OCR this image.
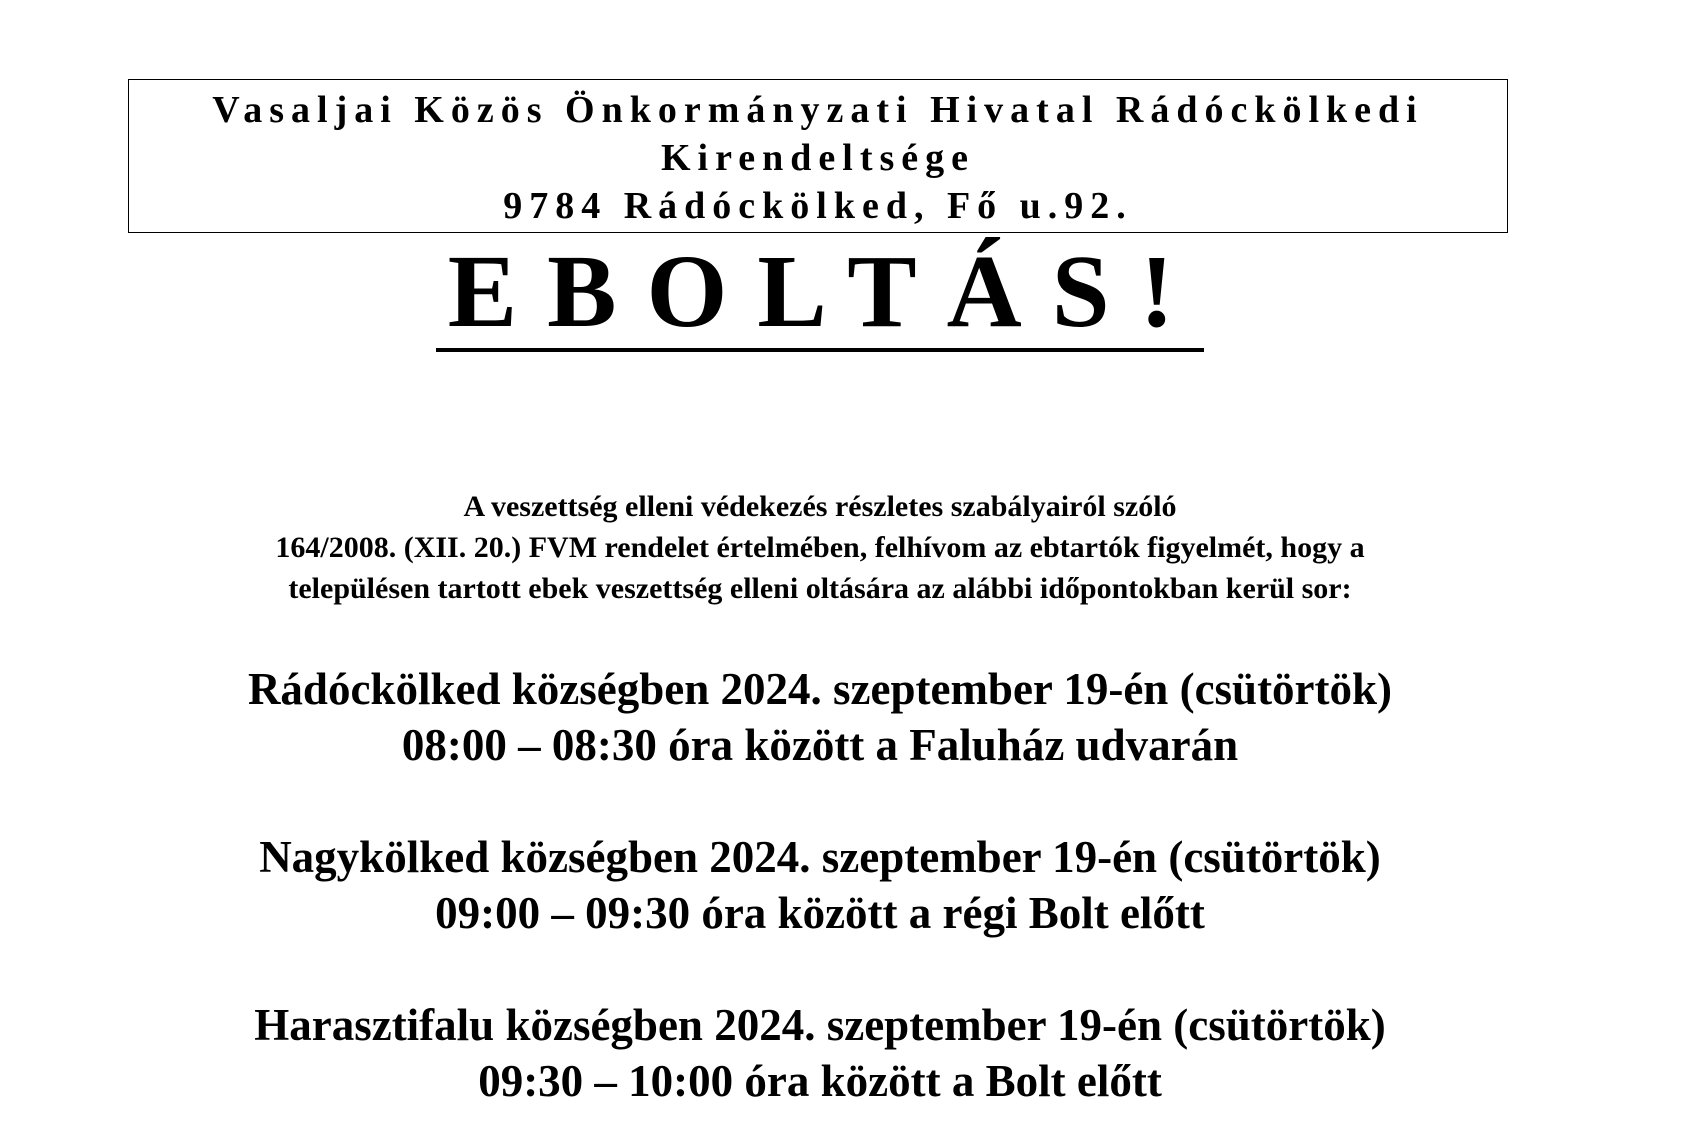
Vasaljai Közös Önkormányzati Hivatal Rádóckölkedi
Kirendeltsége
9784 Rádóckölked, Fő u.92.
EBOLTÁS!
A veszettség elleni védekezés részletes szabályairól szóló
164/2008. (XII. 20.) FVM rendelet értelmében, felhívom az ebtartók figyelmét, hogy a
településen tartott ebek veszettség elleni oltására az alábbi időpontokban kerül sor:
Rádóckölked községben 2024. szeptember 19-én (csütörtök)
08:00 – 08:30 óra között a Faluház udvarán
Nagykölked községben 2024. szeptember 19-én (csütörtök)
09:00 – 09:30 óra között a régi Bolt előtt
Harasztifalu községben 2024. szeptember 19-én (csütörtök)
09:30 – 10:00 óra között a Bolt előtt
